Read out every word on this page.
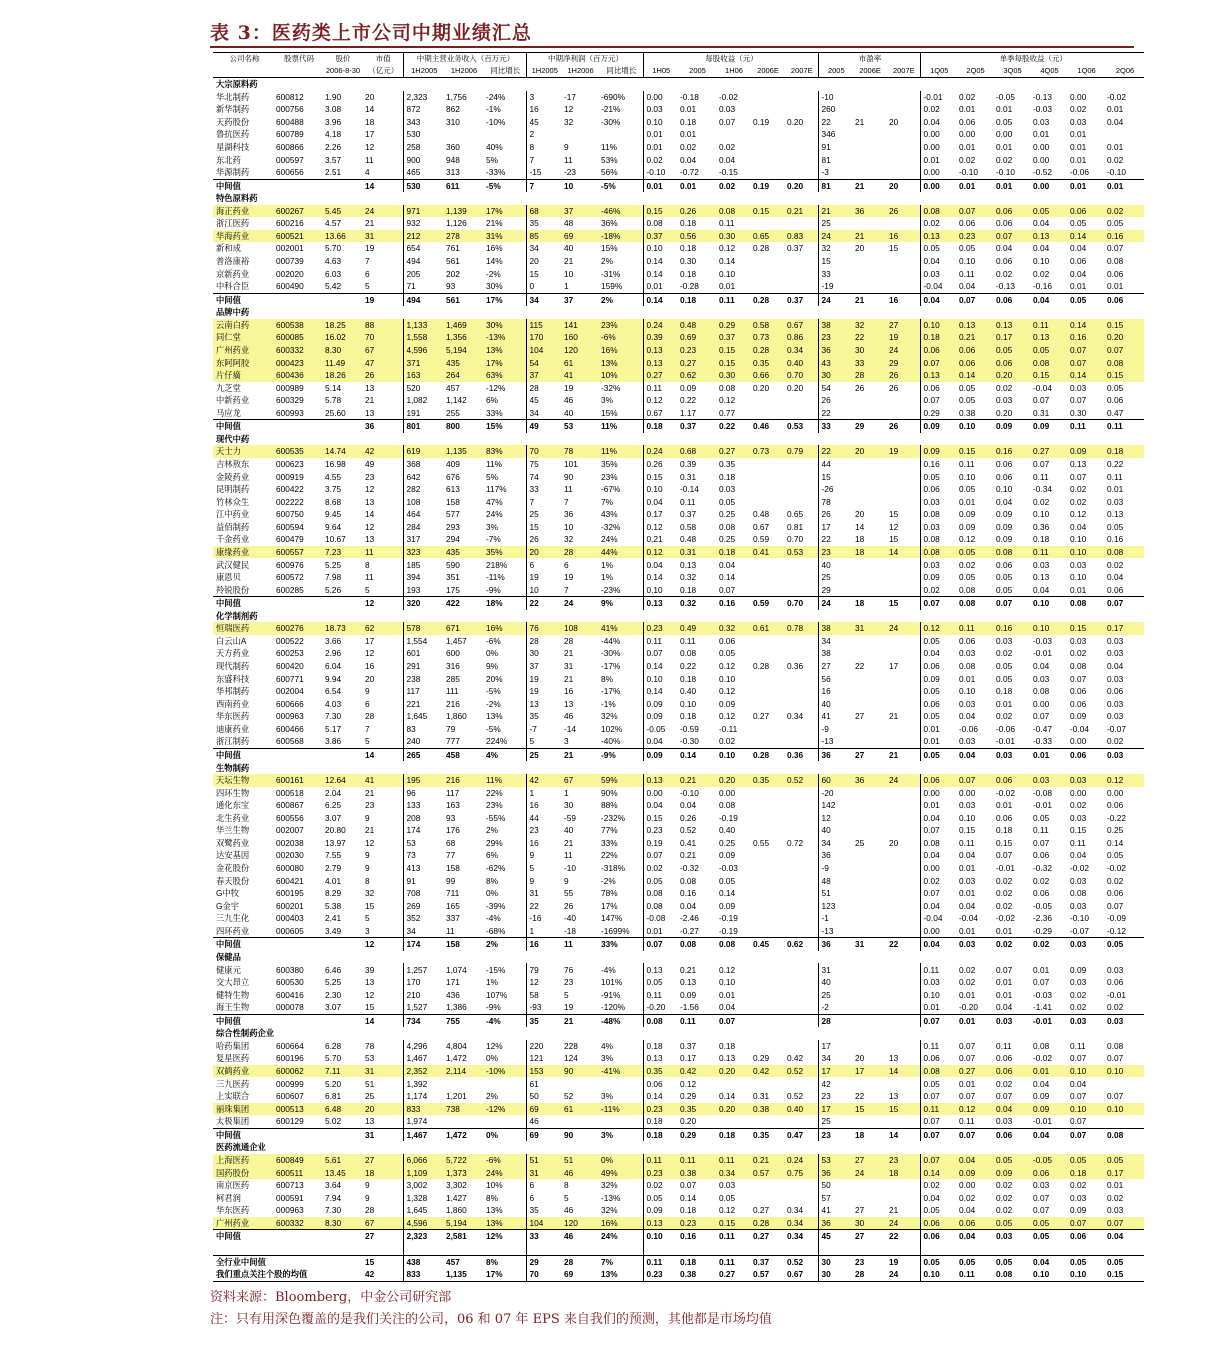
表 3：医药类上市公司中期业绩汇总
公司名称	股票代码	股价	市值	中期主营业务收入（百万元）			中期净利润（百万元）			每股收益（元）					市盈率			单季每股收益（元）					
		2006-8-30	（亿元）	1H2005	1H2006	同比增长	1H2005	1H2006	同比增长	1H05	2005	1H06	2006E	2007E	2005	2006E	2007E	1Q05	2Q05	3Q05	4Q05	1Q06	2Q06
大宗原料药																							
华北制药	600812	1.90	20	2,323	1,756	-24%	3	-17	-690%	0.00	-0.18	-0.02			-10			-0.01	0.02	-0.05	-0.13	0.00	-0.02
新华制药	000756	3.08	14	872	862	-1%	16	12	-21%	0.03	0.01	0.03			260			0.02	0.01	0.01	-0.03	0.02	0.01
天药股份	600488	3.96	18	343	310	-10%	45	32	-30%	0.10	0.18	0.07	0.19	0.20	22	21	20	0.04	0.06	0.05	0.03	0.03	0.04
鲁抗医药	600789	4.18	17	530			2			0.01	0.01				346			0.00	0.00	0.00	0.01	0.01	
星湖科技	600866	2.26	12	258	360	40%	8	9	11%	0.01	0.02	0.02			91			0.00	0.01	0.01	0.00	0.01	0.01
东北药	000597	3.57	11	900	948	5%	7	11	53%	0.02	0.04	0.04			81			0.01	0.02	0.02	0.00	0.01	0.02
华源制药	600656	2.51	4	465	313	-33%	-15	-23	56%	-0.10	-0.72	-0.15			-3			0.00	-0.10	-0.10	-0.52	-0.06	-0.10
中间值			14	530	611	-5%	7	10	-5%	0.01	0.01	0.02	0.19	0.20	81	21	20	0.00	0.01	0.01	0.00	0.01	0.01
特色原料药																							
海正药业	600267	5.45	24	971	1,139	17%	68	37	-46%	0.15	0.26	0.08	0.15	0.21	21	36	26	0.08	0.07	0.06	0.05	0.06	0.02
浙江医药	600216	4.57	21	932	1,126	21%	35	48	36%	0.08	0.18	0.11			25			0.02	0.06	0.06	0.04	0.05	0.05
华海药业	600521	13.66	31	212	278	31%	85	69	-18%	0.37	0.56	0.30	0.65	0.83	24	21	16	0.13	0.23	0.07	0.13	0.14	0.16
新和成	002001	5.70	19	654	761	16%	34	40	15%	0.10	0.18	0.12	0.28	0.37	32	20	15	0.05	0.05	0.04	0.04	0.04	0.07
普洛康裕	000739	4.63	7	494	561	14%	20	21	2%	0.14	0.30	0.14			15			0.04	0.10	0.06	0.10	0.06	0.08
京新药业	002020	6.03	6	205	202	-2%	15	10	-31%	0.14	0.18	0.10			33			0.03	0.11	0.02	0.02	0.04	0.06
中科合臣	600490	5.42	5	71	93	30%	0	1	159%	0.01	-0.28	0.01			-19			-0.04	0.04	-0.13	-0.16	0.01	0.01
中间值			19	494	561	17%	34	37	2%	0.14	0.18	0.11	0.28	0.37	24	21	16	0.04	0.07	0.06	0.04	0.05	0.06
品牌中药																							
云南白药	600538	18.25	88	1,133	1,469	30%	115	141	23%	0.24	0.48	0.29	0.58	0.67	38	32	27	0.10	0.13	0.13	0.11	0.14	0.15
同仁堂	600085	16.02	70	1,558	1,356	-13%	170	160	-6%	0.39	0.69	0.37	0.73	0.86	23	22	19	0.18	0.21	0.17	0.13	0.16	0.20
广州药业	600332	8.30	67	4,596	5,194	13%	104	120	16%	0.13	0.23	0.15	0.28	0.34	36	30	24	0.06	0.06	0.05	0.05	0.07	0.07
东阿阿胶	000423	11.49	47	371	435	17%	54	61	13%	0.13	0.27	0.15	0.35	0.40	43	33	29	0.07	0.06	0.06	0.08	0.07	0.08
片仔癀	600436	18.26	26	163	264	63%	37	41	10%	0.27	0.62	0.30	0.66	0.70	30	28	26	0.13	0.14	0.20	0.15	0.14	0.15
九芝堂	000989	5.14	13	520	457	-12%	28	19	-32%	0.11	0.09	0.08	0.20	0.20	54	26	26	0.06	0.05	0.02	-0.04	0.03	0.05
中新药业	600329	5.78	21	1,082	1,142	6%	45	46	3%	0.12	0.22	0.12			26			0.07	0.05	0.03	0.07	0.07	0.06
马应龙	600993	25.60	13	191	255	33%	34	40	15%	0.67	1.17	0.77			22			0.29	0.38	0.20	0.31	0.30	0.47
中间值			36	801	800	15%	49	53	11%	0.18	0.37	0.22	0.46	0.53	33	29	26	0.09	0.10	0.09	0.09	0.11	0.11
现代中药																							
天士力	600535	14.74	42	619	1,135	83%	70	78	11%	0.24	0.68	0.27	0.73	0.79	22	20	19	0.09	0.15	0.16	0.27	0.09	0.18
吉林敖东	000623	16.98	49	368	409	11%	75	101	35%	0.26	0.39	0.35			44			0.16	0.11	0.06	0.07	0.13	0.22
金陵药业	000919	4.55	23	642	676	5%	74	90	23%	0.15	0.31	0.18			15			0.05	0.10	0.06	0.11	0.07	0.11
昆明制药	600422	3.75	12	282	613	117%	33	11	-67%	0.10	-0.14	0.03			-26			0.06	0.05	0.10	-0.34	0.02	0.01
竹林众生	002222	8.68	13	108	158	47%	7	7	7%	0.04	0.11	0.05			78			0.03	0.01	0.04	0.02	0.02	0.03
江中药业	600750	9.45	14	464	577	24%	25	36	43%	0.17	0.37	0.25	0.48	0.65	26	20	15	0.08	0.09	0.09	0.10	0.12	0.13
益佰制药	600594	9.64	12	284	293	3%	15	10	-32%	0.12	0.58	0.08	0.67	0.81	17	14	12	0.03	0.09	0.09	0.36	0.04	0.05
千金药业	600479	10.67	13	317	294	-7%	26	32	24%	0.21	0.48	0.25	0.59	0.70	22	18	15	0.08	0.12	0.09	0.18	0.10	0.16
康缘药业	600557	7.23	11	323	435	35%	20	28	44%	0.12	0.31	0.18	0.41	0.53	23	18	14	0.08	0.05	0.08	0.11	0.10	0.08
武汉健民	600976	5.25	8	185	590	218%	6	6	1%	0.04	0.13	0.04			40			0.03	0.02	0.06	0.03	0.03	0.02
康恩贝	600572	7.98	11	394	351	-11%	19	19	1%	0.14	0.32	0.14			25			0.09	0.05	0.05	0.13	0.10	0.04
羚锐股份	600285	5.26	5	193	175	-9%	10	7	-23%	0.10	0.18	0.07			29			0.02	0.08	0.05	0.04	0.01	0.06
中间值			12	320	422	18%	22	24	9%	0.13	0.32	0.16	0.59	0.70	24	18	15	0.07	0.08	0.07	0.10	0.08	0.07
化学制剂药																							
恒瑞医药	600276	18.73	62	578	671	16%	76	108	41%	0.23	0.49	0.32	0.61	0.78	38	31	24	0.12	0.11	0.16	0.10	0.15	0.17
白云山A	000522	3.66	17	1,554	1,457	-6%	28	28	-44%	0.11	0.11	0.06			34			0.05	0.06	0.03	-0.03	0.03	0.03
天方药业	600253	2.96	12	601	600	0%	30	21	-30%	0.07	0.08	0.05			38			0.04	0.03	0.02	-0.01	0.02	0.03
现代制药	600420	6.04	16	291	316	9%	37	31	-17%	0.14	0.22	0.12	0.28	0.36	27	22	17	0.06	0.08	0.05	0.04	0.08	0.04
东盛科技	600771	9.94	20	238	285	20%	19	21	8%	0.10	0.18	0.10			56			0.09	0.01	0.05	0.03	0.07	0.03
华邦制药	002004	6.54	9	117	111	-5%	19	16	-17%	0.14	0.40	0.12			16			0.05	0.10	0.18	0.08	0.06	0.06
西南药业	600666	4.03	6	221	216	-2%	13	13	-1%	0.09	0.10	0.09			40			0.06	0.03	0.01	0.00	0.06	0.03
华东医药	000963	7.30	28	1,645	1,860	13%	35	46	32%	0.09	0.18	0.12	0.27	0.34	41	27	21	0.05	0.04	0.02	0.07	0.09	0.03
迪康药业	600466	5.17	7	83	79	-5%	-7	-14	102%	-0.05	-0.59	-0.11			-9			0.01	-0.06	-0.06	-0.47	-0.04	-0.07
浙江制药	600568	3.86	5	240	777	224%	5	3	-40%	0.04	-0.30	0.02			-13			0.01	0.03	-0.01	-0.33	0.00	0.02
中间值			14	265	458	4%	25	21	-9%	0.09	0.14	0.10	0.28	0.36	36	27	21	0.05	0.04	0.03	0.01	0.06	0.03
生物制药																							
天坛生物	600161	12.64	41	195	216	11%	42	67	59%	0.13	0.21	0.20	0.35	0.52	60	36	24	0.06	0.07	0.06	0.03	0.03	0.12
四环生物	000518	2.04	21	96	117	22%	1	1	90%	0.00	-0.10	0.00			-20			0.00	0.00	-0.02	-0.08	0.00	0.00
通化东宝	600867	6.25	23	133	163	23%	16	30	88%	0.04	0.04	0.08			142			0.01	0.03	0.01	-0.01	0.02	0.06
北生药业	600556	3.07	9	208	93	-55%	44	-59	-232%	0.15	0.26	-0.19			12			0.04	0.10	0.06	0.05	0.03	-0.22
华兰生物	002007	20.80	21	174	176	2%	23	40	77%	0.23	0.52	0.40			40			0.07	0.15	0.18	0.11	0.15	0.25
双鹭药业	002038	13.97	12	53	68	29%	16	21	33%	0.19	0.41	0.25	0.55	0.72	34	25	20	0.08	0.11	0.15	0.07	0.11	0.14
达安基因	002030	7.55	9	73	77	6%	9	11	22%	0.07	0.21	0.09			36			0.04	0.04	0.07	0.06	0.04	0.05
金花股份	600080	2.79	9	413	158	-62%	5	-10	-318%	0.02	-0.32	-0.03			-9			0.00	0.01	-0.01	-0.32	-0.02	-0.02
春天股份	600421	4.01	8	91	99	8%	9	9	-2%	0.05	0.08	0.05			48			0.02	0.03	0.02	0.02	0.03	0.02
G中牧	600195	8.29	32	708	711	0%	31	55	78%	0.08	0.16	0.14			51			0.07	0.01	0.02	0.06	0.08	0.06
G金宇	600201	5.38	15	269	165	-39%	22	26	17%	0.08	0.04	0.09			123			0.04	0.04	0.02	-0.05	0.03	0.07
三九生化	000403	2.41	5	352	337	-4%	-16	-40	147%	-0.08	-2.46	-0.19			-1			-0.04	-0.04	-0.02	-2.36	-0.10	-0.09
四环药业	000605	3.49	3	34	11	-68%	1	-18	-1699%	0.01	-0.27	-0.19			-13			0.00	0.01	0.01	-0.29	-0.07	-0.12
中间值			12	174	158	2%	16	11	33%	0.07	0.08	0.08	0.45	0.62	36	31	22	0.04	0.03	0.02	0.02	0.03	0.05
保健品																							
健康元	600380	6.46	39	1,257	1,074	-15%	79	76	-4%	0.13	0.21	0.12			31			0.11	0.02	0.07	0.01	0.09	0.03
交大昂立	600530	5.25	13	170	171	1%	12	23	101%	0.05	0.13	0.10			40			0.03	0.02	0.01	0.07	0.03	0.06
健特生物	600416	2.30	12	210	436	107%	58	5	-91%	0.11	0.09	0.01			25			0.10	0.01	0.01	-0.03	0.02	-0.01
海王生物	000078	3.07	15	1,527	1,386	-9%	-93	19	-120%	-0.20	-1.56	0.04			-2			0.01	-0.20	0.04	-1.41	0.02	0.02
中间值			14	734	755	-4%	35	21	-48%	0.08	0.11	0.07			28			0.07	0.01	0.03	-0.01	0.03	0.03
综合性制药企业																							
哈药集团	600664	6.28	78	4,296	4,804	12%	220	228	4%	0.18	0.37	0.18			17			0.11	0.07	0.11	0.08	0.11	0.08
复星医药	600196	5.70	53	1,467	1,472	0%	121	124	3%	0.13	0.17	0.13	0.29	0.42	34	20	13	0.06	0.07	0.06	-0.02	0.07	0.07
双鹤药业	600062	7.11	31	2,352	2,114	-10%	153	90	-41%	0.35	0.42	0.20	0.42	0.52	17	17	14	0.08	0.27	0.06	0.01	0.10	0.10
三九医药	000999	5.20	51	1,392			61			0.06	0.12				42			0.05	0.01	0.02	0.04	0.04	
上实联合	600607	6.81	25	1,174	1,201	2%	50	52	3%	0.14	0.29	0.14	0.31	0.52	23	22	13	0.07	0.07	0.07	0.09	0.07	0.07
丽珠集团	000513	6.48	20	833	738	-12%	69	61	-11%	0.23	0.35	0.20	0.38	0.40	17	15	15	0.11	0.12	0.04	0.09	0.10	0.10
太极集团	600129	5.02	13	1,974			46			0.18	0.20				25			0.07	0.11	0.03	-0.01	0.07	
中间值			31	1,467	1,472	0%	69	90	3%	0.18	0.29	0.18	0.35	0.47	23	18	14	0.07	0.07	0.06	0.04	0.07	0.08
医药流通企业																							
上海医药	600849	5.61	27	6,066	5,722	-6%	51	51	0%	0.11	0.11	0.11	0.21	0.24	53	27	23	0.07	0.04	0.05	-0.05	0.05	0.05
国药股份	600511	13.45	18	1,109	1,373	24%	31	46	49%	0.23	0.38	0.34	0.57	0.75	36	24	18	0.14	0.09	0.09	0.06	0.18	0.17
南京医药	600713	3.64	9	3,002	3,302	10%	6	8	32%	0.02	0.07	0.03			50			0.02	0.00	0.02	0.03	0.02	0.01
柯君润	000591	7.94	9	1,328	1,427	8%	6	5	-13%	0.05	0.14	0.05			57			0.04	0.02	0.02	0.07	0.03	0.02
华东医药	000963	7.30	28	1,645	1,860	13%	35	46	32%	0.09	0.18	0.12	0.27	0.34	41	27	21	0.05	0.04	0.02	0.07	0.09	0.03
广州药业	600332	8.30	67	4,596	5,194	13%	104	120	16%	0.13	0.23	0.15	0.28	0.34	36	30	24	0.06	0.06	0.05	0.05	0.07	0.07
中间值			27	2,323	2,581	12%	33	46	24%	0.10	0.16	0.11	0.27	0.34	45	27	22	0.06	0.04	0.03	0.05	0.06	0.04

全行业中间值			15	438	457	8%	29	28	7%	0.11	0.18	0.11	0.37	0.52	30	23	19	0.05	0.05	0.05	0.04	0.05	0.05
我们重点关注个股的均值			42	833	1,135	17%	70	69	13%	0.23	0.38	0.27	0.57	0.67	30	28	24	0.10	0.11	0.08	0.10	0.10	0.15
资料来源：Bloomberg，中金公司研究部
注：只有用深色覆盖的是我们关注的公司，06 和 07 年 EPS 来自我们的预测，其他都是市场均值
